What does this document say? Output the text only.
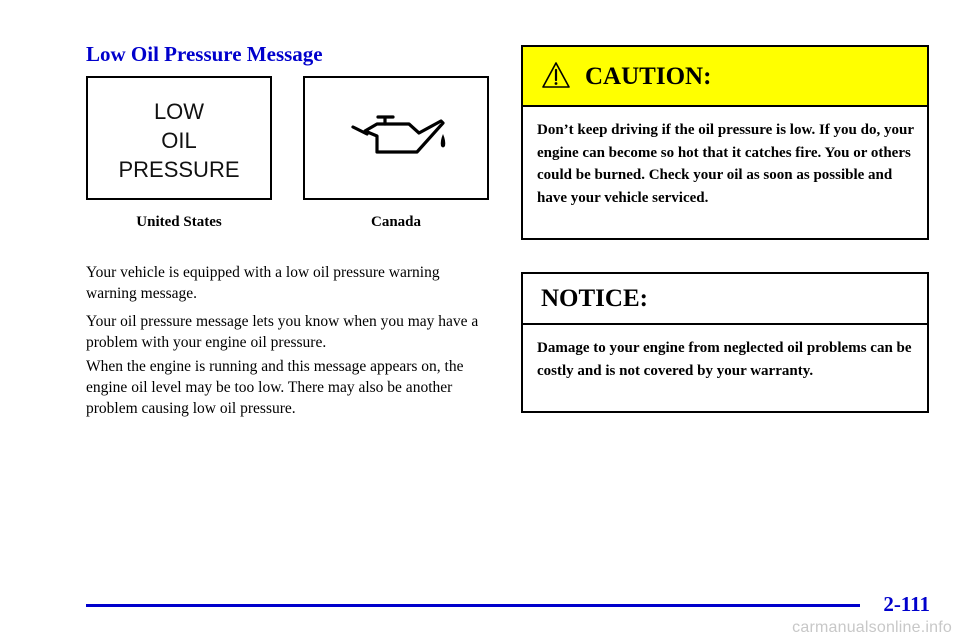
Low Oil Pressure Message
LOW
OIL
PRESSURE
United States	Canada

Your vehicle is equipped with a low oil pressure warning warning message.

Your oil pressure message lets you know when you may have a problem with your engine oil pressure.

When the engine is running and this message appears on, the engine oil level may be too low. There may also be another problem causing low oil pressure.

CAUTION:

Don’t keep driving if the oil pressure is low. If you do, your engine can become so hot that it catches fire. You or others could be burned. Check your oil as soon as possible and have your vehicle serviced.

NOTICE:

Damage to your engine from neglected oil problems can be costly and is not covered by your warranty.

2-111
carmanualsonline.info
